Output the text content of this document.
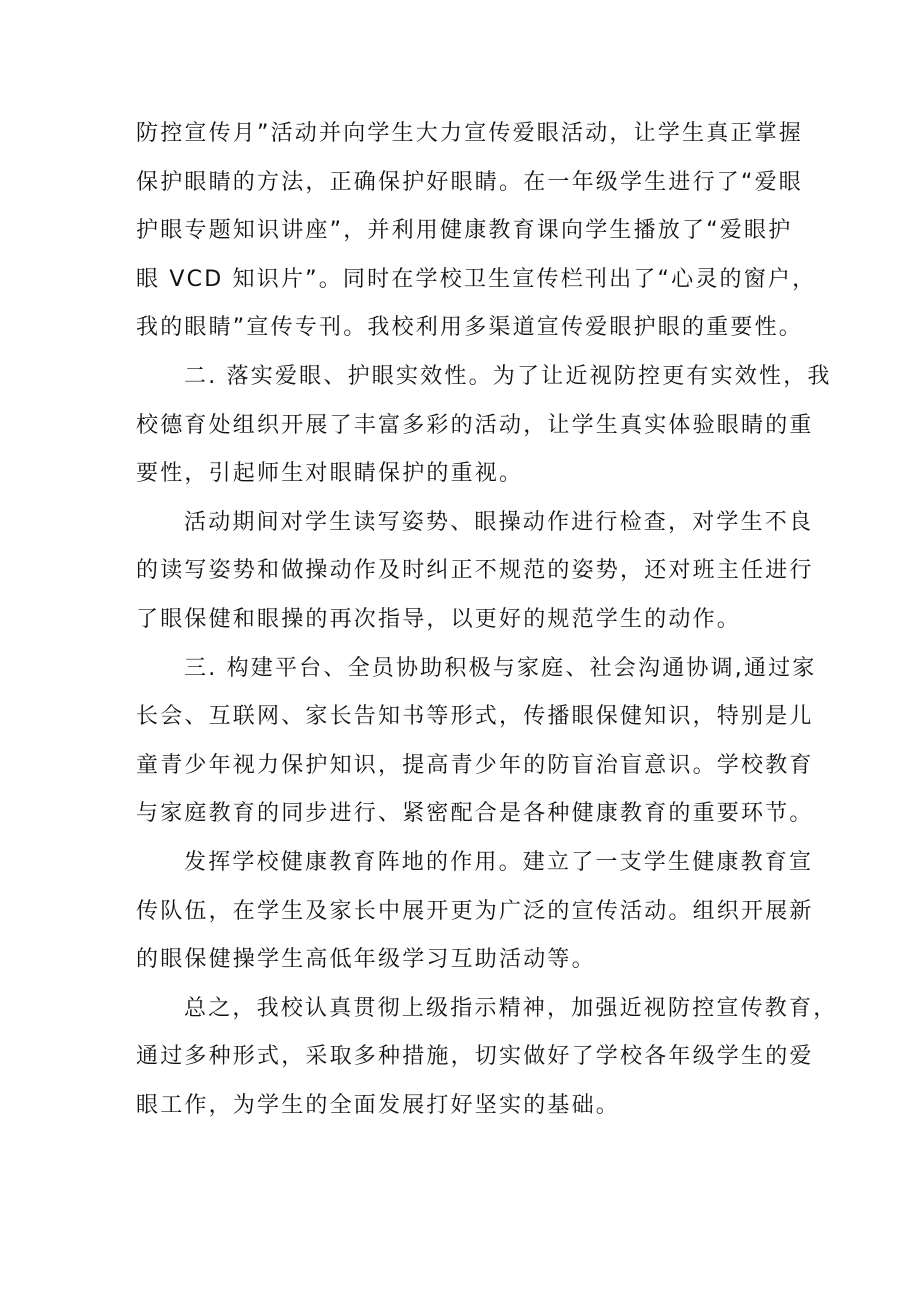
防控宣传月”活动并向学生大力宣传爱眼活动，让学生真正掌握
保护眼睛的方法，正确保护好眼睛。在一年级学生进行了“爱眼
护眼专题知识讲座”，并利用健康教育课向学生播放了“爱眼护
眼 VCD 知识片”。同时在学校卫生宣传栏刊出了“心灵的窗户，
我的眼睛”宣传专刊。我校利用多渠道宣传爱眼护眼的重要性。
二. 落实爱眼、护眼实效性。为了让近视防控更有实效性，我
校德育处组织开展了丰富多彩的活动，让学生真实体验眼睛的重
要性，引起师生对眼睛保护的重视。
活动期间对学生读写姿势、眼操动作进行检查，对学生不良
的读写姿势和做操动作及时纠正不规范的姿势，还对班主任进行
了眼保健和眼操的再次指导，以更好的规范学生的动作。
三. 构建平台、全员协助积极与家庭、社会沟通协调,通过家
长会、互联网、家长告知书等形式，传播眼保健知识，特别是儿
童青少年视力保护知识，提高青少年的防盲治盲意识。学校教育
与家庭教育的同步进行、紧密配合是各种健康教育的重要环节。
发挥学校健康教育阵地的作用。建立了一支学生健康教育宣
传队伍，在学生及家长中展开更为广泛的宣传活动。组织开展新
的眼保健操学生高低年级学习互助活动等。
总之，我校认真贯彻上级指示精神，加强近视防控宣传教育，
通过多种形式，采取多种措施，切实做好了学校各年级学生的爱
眼工作，为学生的全面发展打好坚实的基础。
